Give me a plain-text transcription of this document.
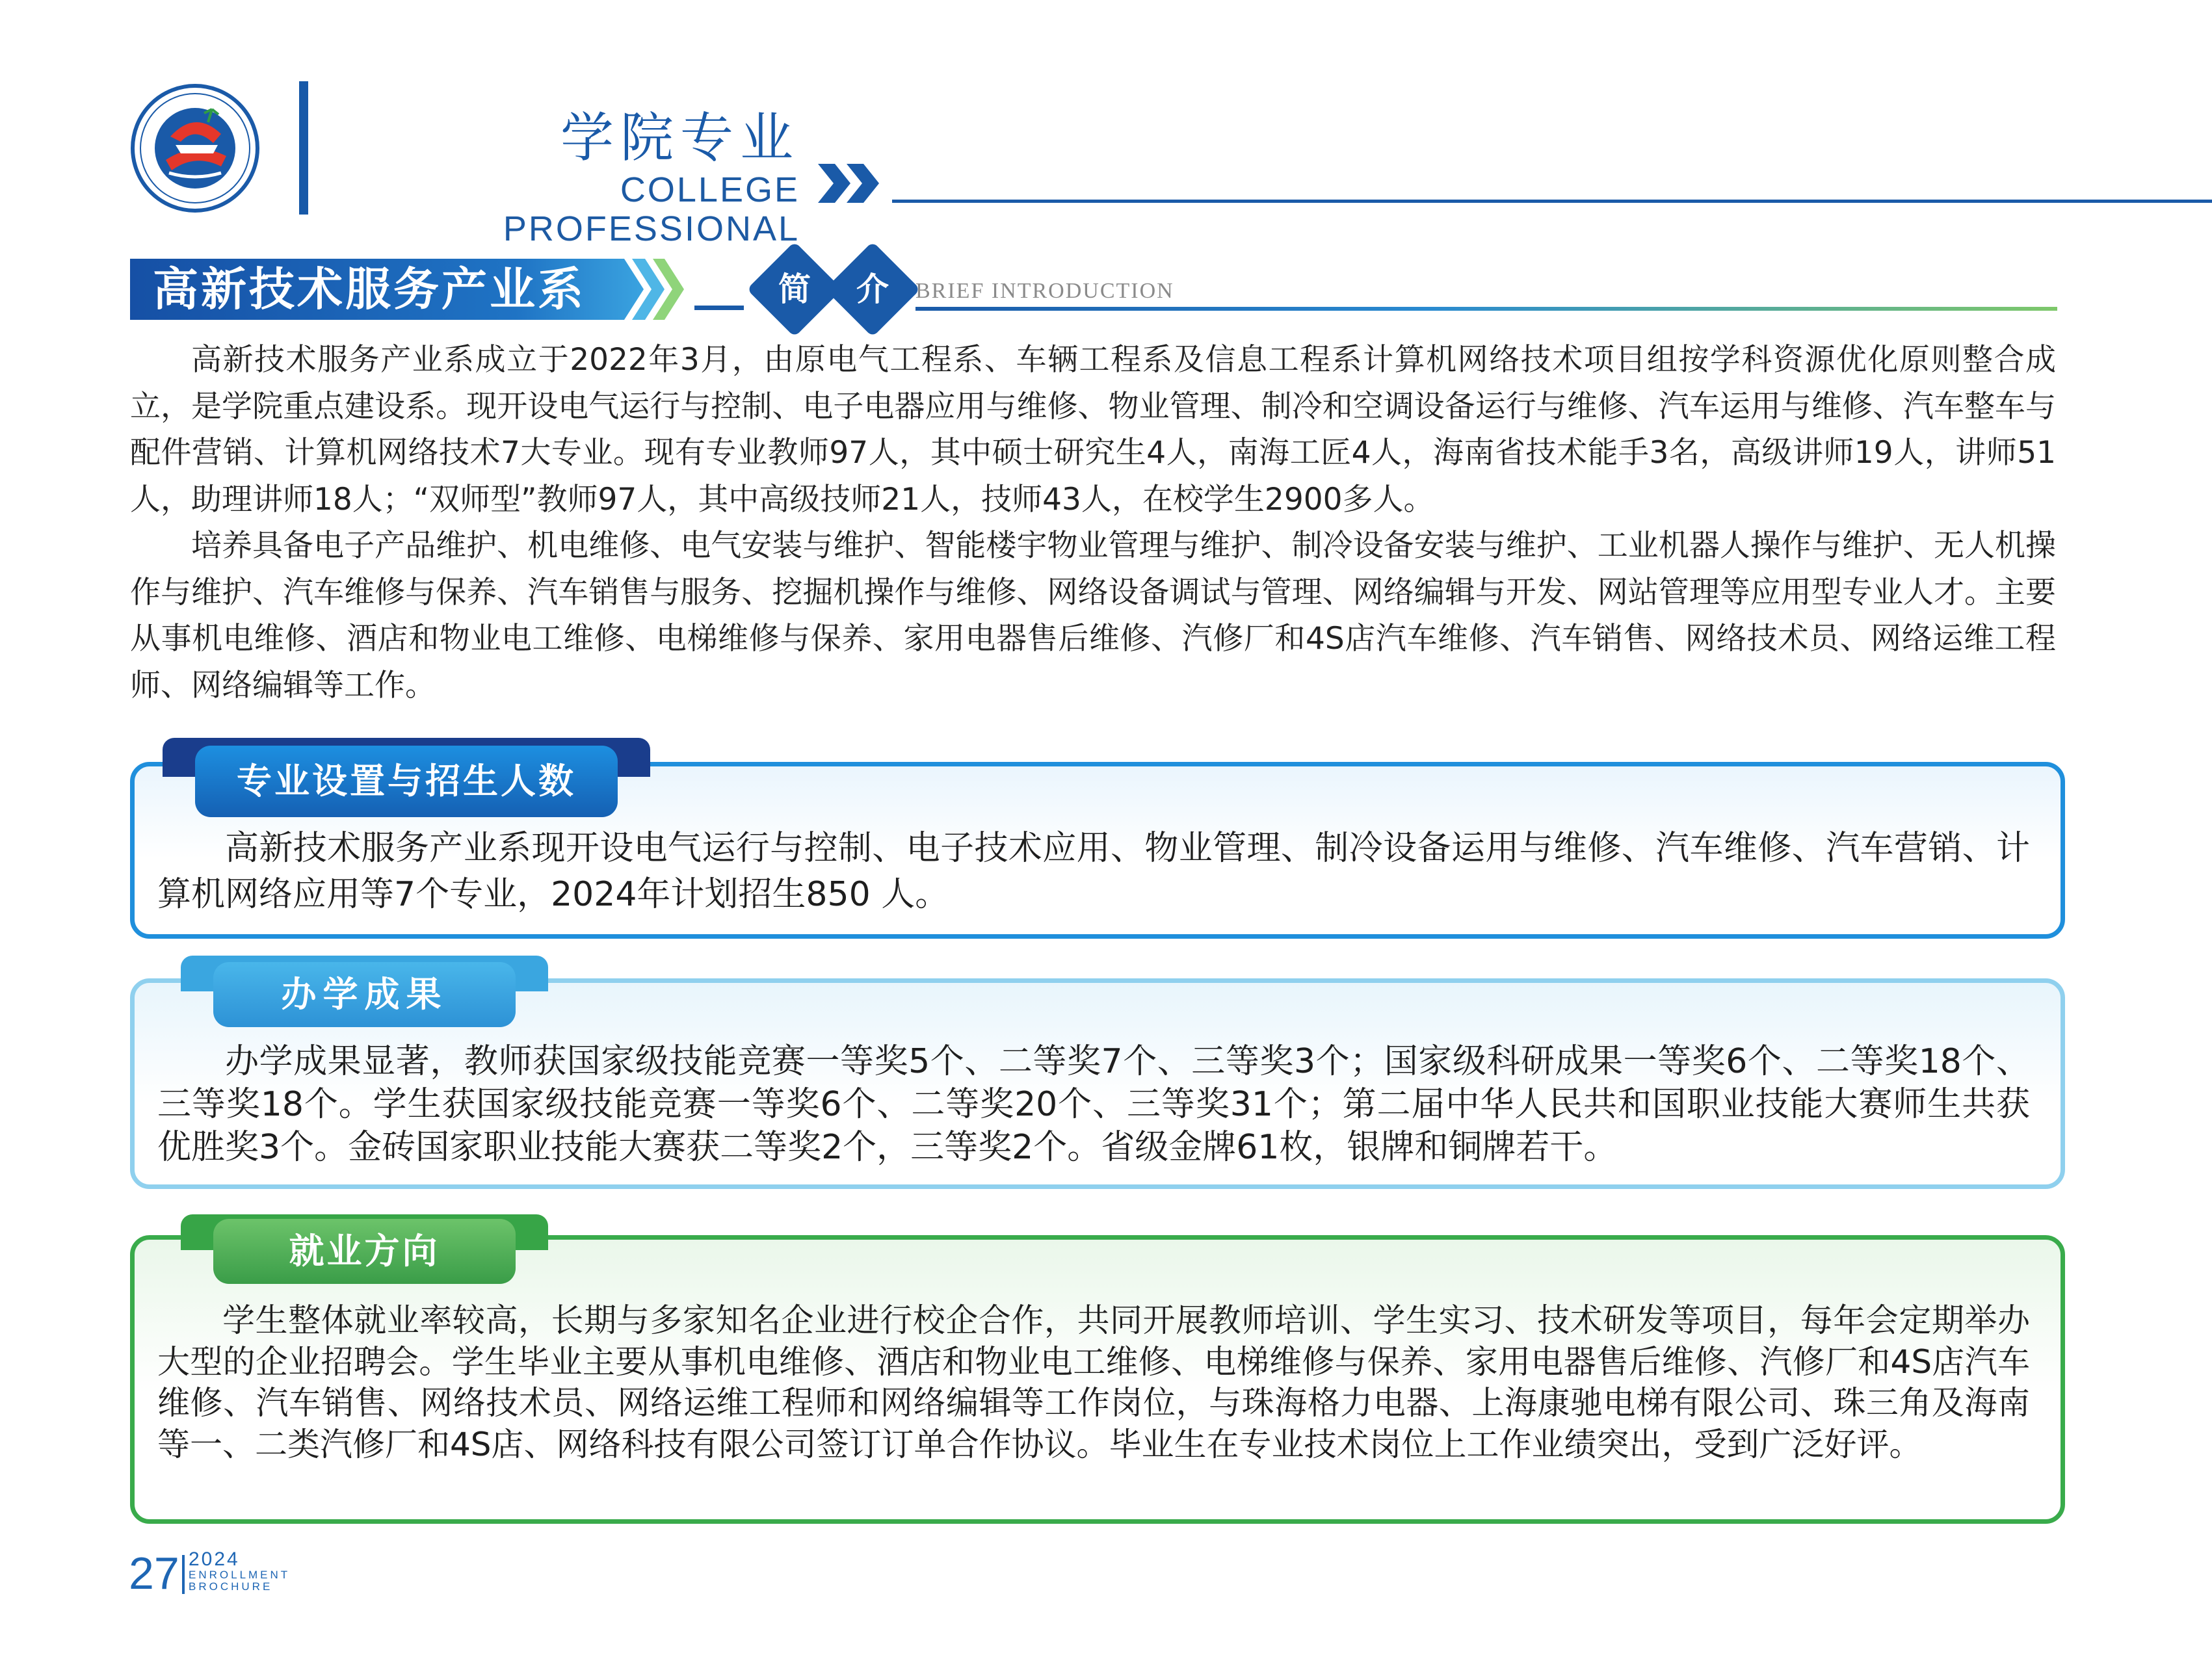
学院专业
COLLEGE PROFESSIONAL
高新技术服务产业系	简	介	BRIEF INTRODUCTION

高新技术服务产业系成立于2022年3月，由原电气工程系、车辆工程系及信息工程系计算机网络技术项目组按学科资源优化原则整合成立，是学院重点建设系。现开设电气运行与控制、电子电器应用与维修、物业管理、制冷和空调设备运行与维修、汽车运用与维修、汽车整车与配件营销、计算机网络技术7大专业。现有专业教师97人，其中硕士研究生4人，南海工匠4人，海南省技术能手3名，高级讲师19人，讲师51人，助理讲师18人；“双师型”教师97人，其中高级技师21人，技师43人，在校学生2900多人。

培养具备电子产品维护、机电维修、电气安装与维护、智能楼宇物业管理与维护、制冷设备安装与维护、工业机器人操作与维护、无人机操作与维护、汽车维修与保养、汽车销售与服务、挖掘机操作与维修、网络设备调试与管理、网络编辑与开发、网站管理等应用型专业人才。主要从事机电维修、酒店和物业电工维修、电梯维修与保养、家用电器售后维修、汽修厂和4S店汽车维修、汽车销售、网络技术员、网络运维工程师、网络编辑等工作。

专业设置与招生人数

高新技术服务产业系现开设电气运行与控制、电子技术应用、物业管理、制冷设备运用与维修、汽车维修、汽车营销、计算机网络应用等7个专业，2024年计划招生850 人。

办学成果

办学成果显著，教师获国家级技能竞赛一等奖5个、二等奖7个、三等奖3个；国家级科研成果一等奖6个、二等奖18个、三等奖18个。学生获国家级技能竞赛一等奖6个、二等奖20个、三等奖31个；第二届中华人民共和国职业技能大赛师生共获优胜奖3个。金砖国家职业技能大赛获二等奖2个，三等奖2个。省级金牌61枚，银牌和铜牌若干。

就业方向

学生整体就业率较高，长期与多家知名企业进行校企合作，共同开展教师培训、学生实习、技术研发等项目，每年会定期举办大型的企业招聘会。学生毕业主要从事机电维修、酒店和物业电工维修、电梯维修与保养、家用电器售后维修、汽修厂和4S店汽车维修、汽车销售、网络技术员、网络运维工程师和网络编辑等工作岗位，与珠海格力电器、上海康驰电梯有限公司、珠三角及海南等一、二类汽修厂和4S店、网络科技有限公司签订订单合作协议。毕业生在专业技术岗位上工作业绩突出，受到广泛好评。

27 2024
ENROLLMENT
BROCHURE
